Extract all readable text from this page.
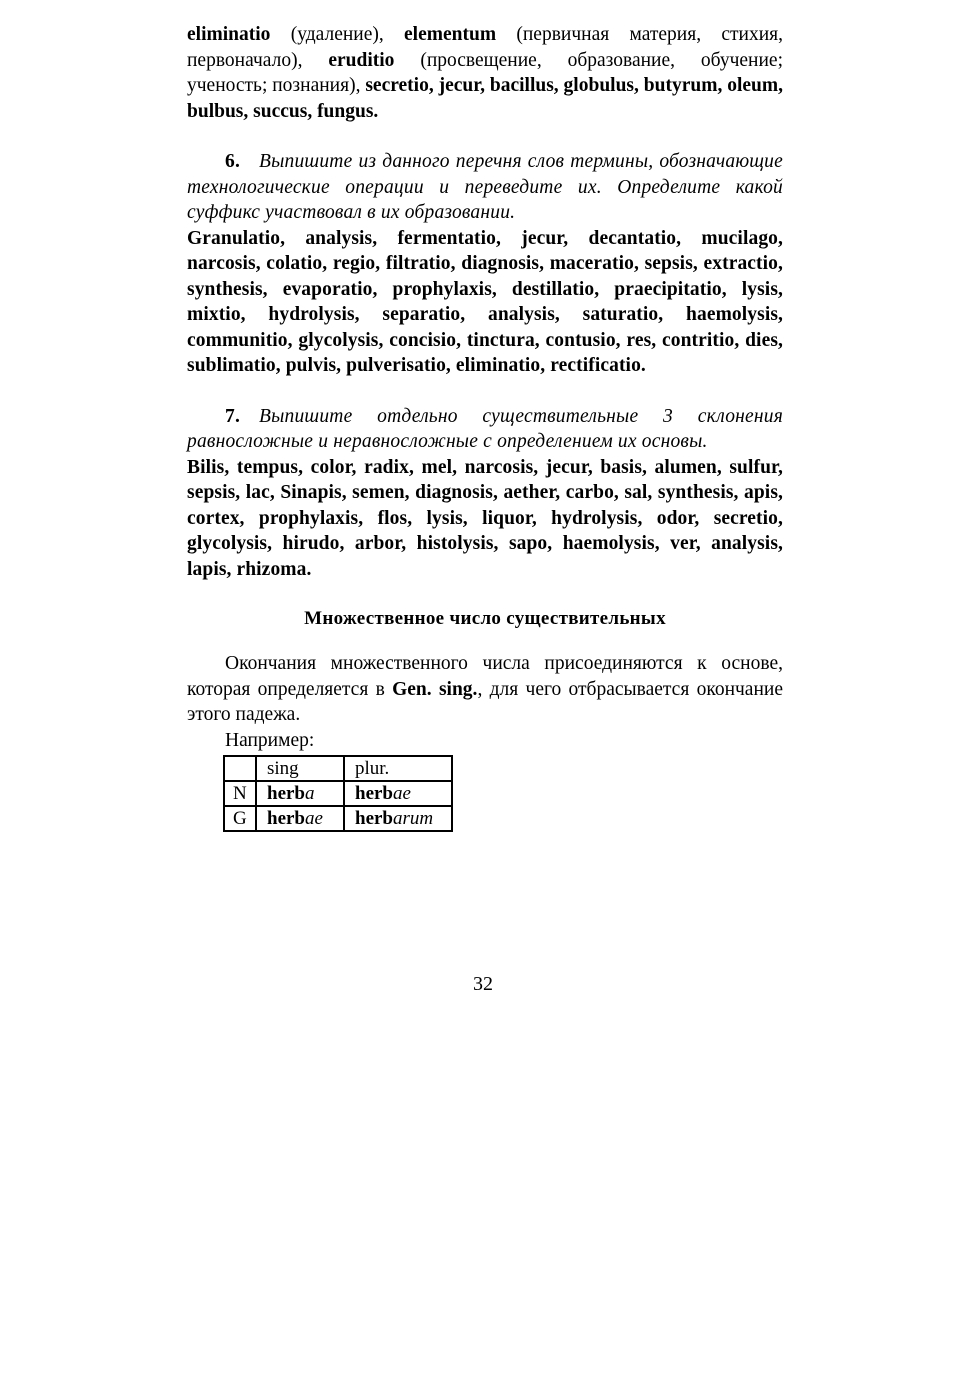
eliminatio (удаление), elementum (первичная материя, стихия, первоначало), eruditio (просвещение, образование, обучение; ученость; познания), secretio, jecur, bacillus, globulus, butyrum, oleum, bulbus, succus, fungus.

6. Выпишите из данного перечня слов термины, обозначающие технологические операции и переведите их. Определите какой суффикс участвовал в их образовании.

Granulatio, analysis, fermentatio, jecur, decantatio, mucilago, narcosis, colatio, regio, filtratio, diagnosis, maceratio, sepsis, extractio, synthesis, evaporatio, prophylaxis, destillatio, praecipitatio, lysis, mixtio, hydrolysis, separatio, analysis, saturatio, haemolysis, communitio, glycolysis, concisio, tinctura, contusio, res, contritio, dies, sublimatio, pulvis, pulverisatio, eliminatio, rectificatio.

7. Выпишите отдельно существительные 3 склонения равносложные и неравносложные с определением их основы.

Bilis, tempus, color, radix, mel, narcosis, jecur, basis, alumen, sulfur, sepsis, lac, Sinapis, semen, diagnosis, aether, carbo, sal, synthesis, apis, cortex, prophylaxis, flos, lysis, liquor, hydrolysis, odor, secretio, glycolysis, hirudo, arbor, histolysis, sapo, haemolysis, ver, analysis, lapis, rhizoma.

Множественное число существительных

Окончания множественного числа присоединяются к основе, которая определяется в Gen. sing., для чего отбрасывается окончание этого падежа.

Например:
	sing	plur.
N	herba	herbae
G	herbae	herbarum
32
